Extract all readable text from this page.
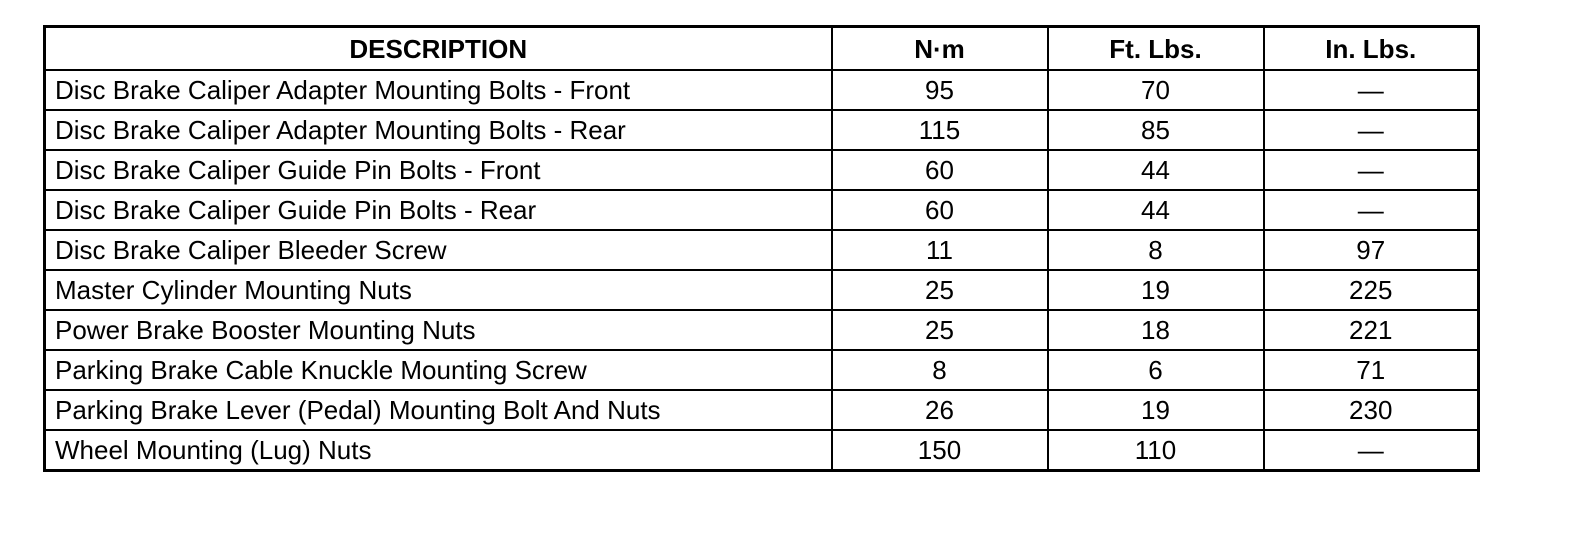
DESCRIPTION	N·m	Ft. Lbs.	In. Lbs.
Disc Brake Caliper Adapter Mounting Bolts - Front	95	70	—
Disc Brake Caliper Adapter Mounting Bolts - Rear	115	85	—
Disc Brake Caliper Guide Pin Bolts - Front	60	44	—
Disc Brake Caliper Guide Pin Bolts - Rear	60	44	—
Disc Brake Caliper Bleeder Screw	11	8	97
Master Cylinder Mounting Nuts	25	19	225
Power Brake Booster Mounting Nuts	25	18	221
Parking Brake Cable Knuckle Mounting Screw	8	6	71
Parking Brake Lever (Pedal) Mounting Bolt And Nuts	26	19	230
Wheel Mounting (Lug) Nuts	150	110	—
